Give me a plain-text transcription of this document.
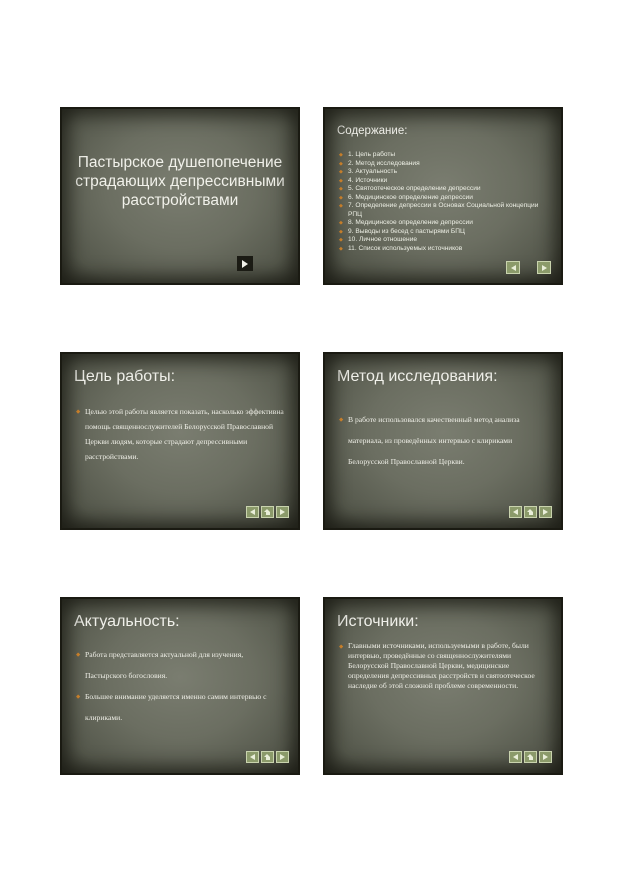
Пастырское душепопечение страдающих депрессивными расстройствами
Содержание:
◆ 1. Цель работы
◆ 2. Метод исследования
◆ 3. Актуальность
◆ 4. Источники
◆ 5. Святоотеческое определение депрессии
◆ 6. Медицинское определение депрессии
◆ 7. Определение депрессии в Основах Социальной концепции РПЦ
◆ 8. Медицинское определение депрессии
◆ 9. Выводы из бесед с пастырями БПЦ
◆ 10. Личное отношение
◆ 11. Список используемых источников
Цель работы:
◆ Целью этой работы является показать, насколько эффективна помощь священнослужителей Белорусской Православной Церкви людям, которые страдают депрессивными расстройствами.
Метод исследования:
◆ В работе использовался качественный метод анализа материала, из проведённых интервью с клириками Белорусской Православной Церкви.
Актуальность:
◆ Работа представляется актуальной для изучения, Пастырского богословия.
◆ Большее внимание уделяется именно самим интервью с клириками.
Источники:
◆ Главными источниками, используемыми в работе, были интервью, проведённые со священнослужителями Белорусской Православной Церкви, медицинские определения депрессивных расстройств и святоотеческое наследие об этой сложной проблеме современности.
